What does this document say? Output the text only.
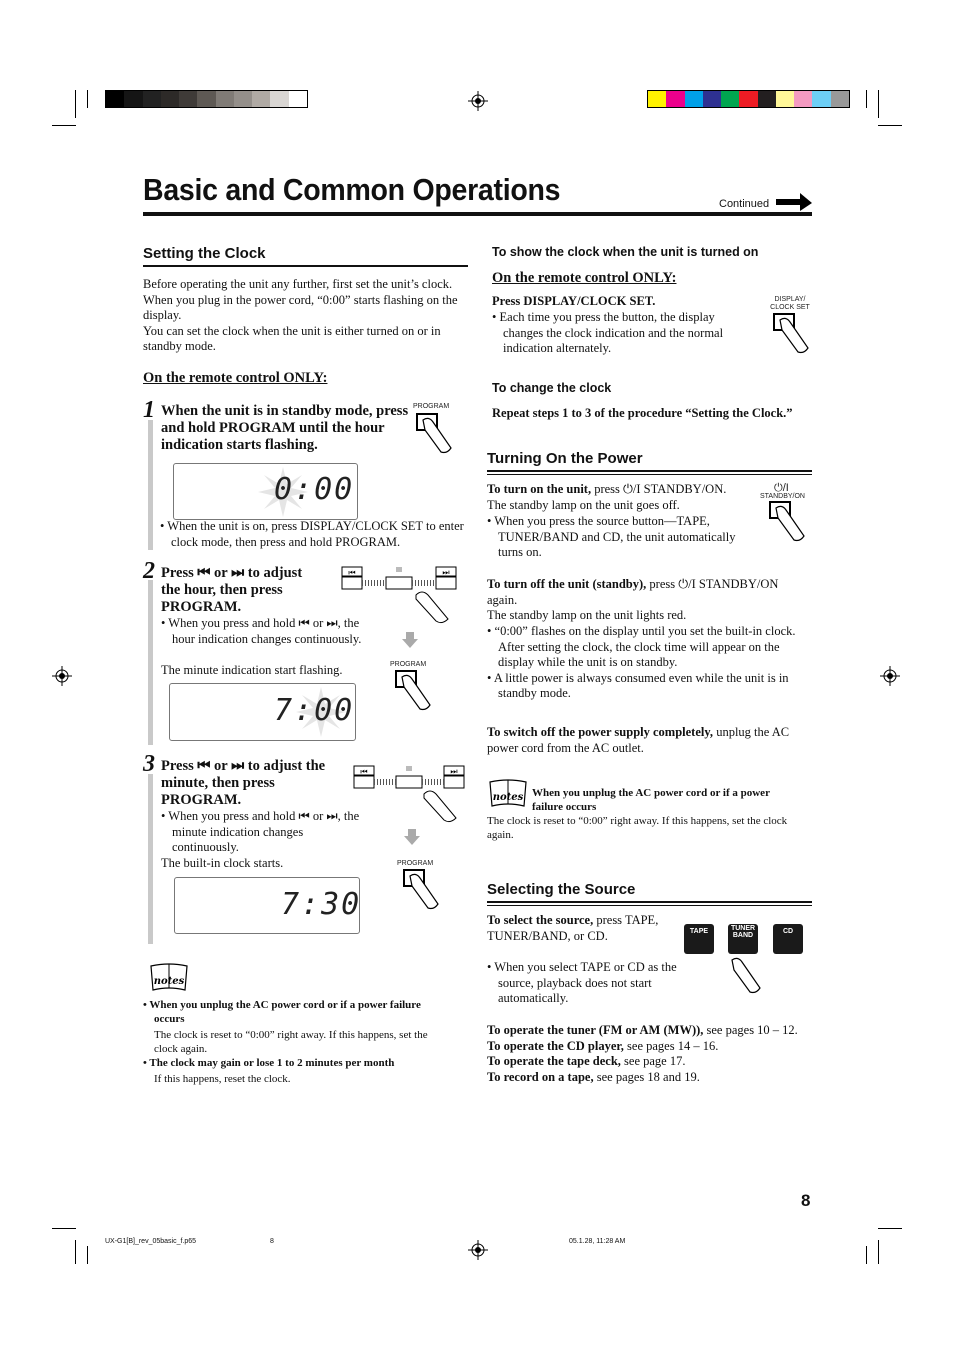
Basic and Common Operations	Continued
Setting the Clock
Before operating the unit any further, first set the unit’s clock. When you plug in the power cord, “0:00” starts flashing on the display.
You can set the clock when the unit is either turned on or in standby mode.
On the remote control ONLY:
1 When the unit is in standby mode, press and hold PROGRAM until the hour indication starts flashing.
PROGRAM
0:00
• When the unit is on, press DISPLAY/CLOCK SET to enter clock mode, then press and hold PROGRAM.
2 Press ⏮ or ⏭ to adjust the hour, then press PROGRAM.
⏮	⏭
• When you press and hold ⏮ or ⏭, the hour indication changes continuously.
The minute indication start flashing.	PROGRAM
7:00
3 Press ⏮ or ⏭ to adjust the minute, then press PROGRAM.
⏮	⏭
• When you press and hold ⏮ or ⏭, the minute indication changes continuously.
The built-in clock starts.	PROGRAM
7:30
notes
• When you unplug the AC power cord or if a power failure occurs
The clock is reset to “0:00” right away. If this happens, set the clock again.
• The clock may gain or lose 1 to 2 minutes per month
If this happens, reset the clock.
To show the clock when the unit is turned on
On the remote control ONLY:
Press DISPLAY/CLOCK SET.
• Each time you press the button, the display changes the clock indication and the normal indication alternately.
DISPLAY/ CLOCK SET
To change the clock
Repeat steps 1 to 3 of the procedure “Setting the Clock.”
Turning On the Power
To turn on the unit, press ⏻/I STANDBY/ON.
The standby lamp on the unit goes off.
• When you press the source button—TAPE, TUNER/BAND and CD, the unit automatically turns on.
⏻/I
STANDBY/ON
To turn off the unit (standby), press ⏻/I STANDBY/ON again.
The standby lamp on the unit lights red.
• “0:00” flashes on the display until you set the built-in clock. After setting the clock, the clock time will appear on the display while the unit is on standby.
• A little power is always consumed even while the unit is in standby mode.
To switch off the power supply completely, unplug the AC power cord from the AC outlet.
notes When you unplug the AC power cord or if a power failure occurs
The clock is reset to “0:00” right away. If this happens, set the clock again.
Selecting the Source
To select the source, press TAPE, TUNER/BAND, or CD.
• When you select TAPE or CD as the source, playback does not start automatically.
TAPE	TUNER BAND
CD
To operate the tuner (FM or AM (MW)), see pages 10 – 12.
To operate the CD player, see pages 14 – 16.
To operate the tape deck, see page 17.
To record on a tape, see pages 18 and 19.
8
UX-G1[B]_rev_05basic_f.p65	8	05.1.28, 11:28 AM
